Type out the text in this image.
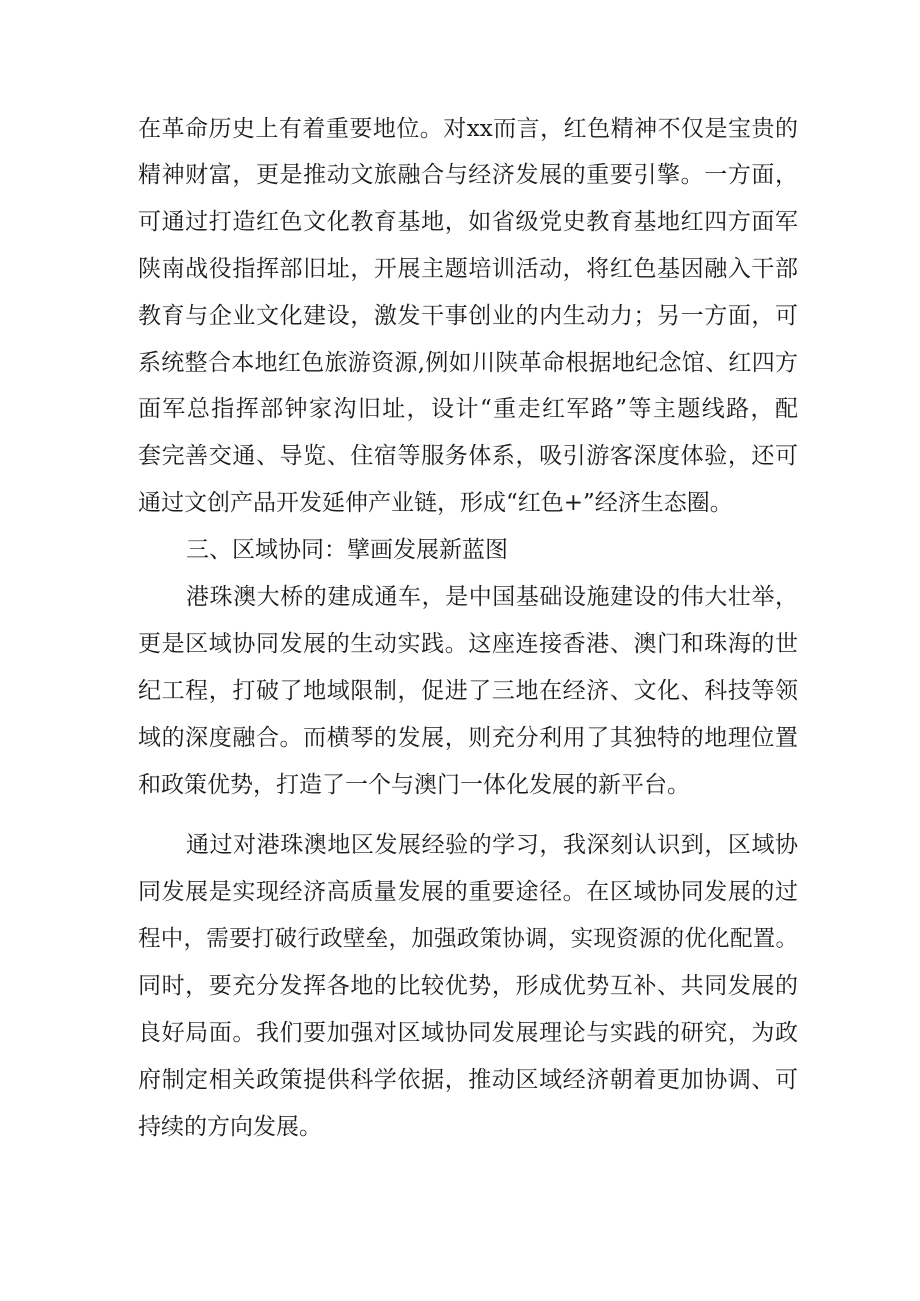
在革命历史上有着重要地位。对xx而言，红色精神不仅是宝贵的
精神财富，更是推动文旅融合与经济发展的重要引擎。一方面，
可通过打造红色文化教育基地，如省级党史教育基地红四方面军
陕南战役指挥部旧址，开展主题培训活动，将红色基因融入干部
教育与企业文化建设，激发干事创业的内生动力；另一方面，可
系统整合本地红色旅游资源,例如川陕革命根据地纪念馆、红四方
面军总指挥部钟家沟旧址，设计“重走红军路”等主题线路，配
套完善交通、导览、住宿等服务体系，吸引游客深度体验，还可
通过文创产品开发延伸产业链，形成“红色+”经济生态圈。
三、区域协同：擘画发展新蓝图
港珠澳大桥的建成通车，是中国基础设施建设的伟大壮举，
更是区域协同发展的生动实践。这座连接香港、澳门和珠海的世
纪工程，打破了地域限制，促进了三地在经济、文化、科技等领
域的深度融合。而横琴的发展，则充分利用了其独特的地理位置
和政策优势，打造了一个与澳门一体化发展的新平台。
通过对港珠澳地区发展经验的学习，我深刻认识到，区域协
同发展是实现经济高质量发展的重要途径。在区域协同发展的过
程中，需要打破行政壁垒，加强政策协调，实现资源的优化配置。
同时，要充分发挥各地的比较优势，形成优势互补、共同发展的
良好局面。我们要加强对区域协同发展理论与实践的研究，为政
府制定相关政策提供科学依据，推动区域经济朝着更加协调、可
持续的方向发展。
